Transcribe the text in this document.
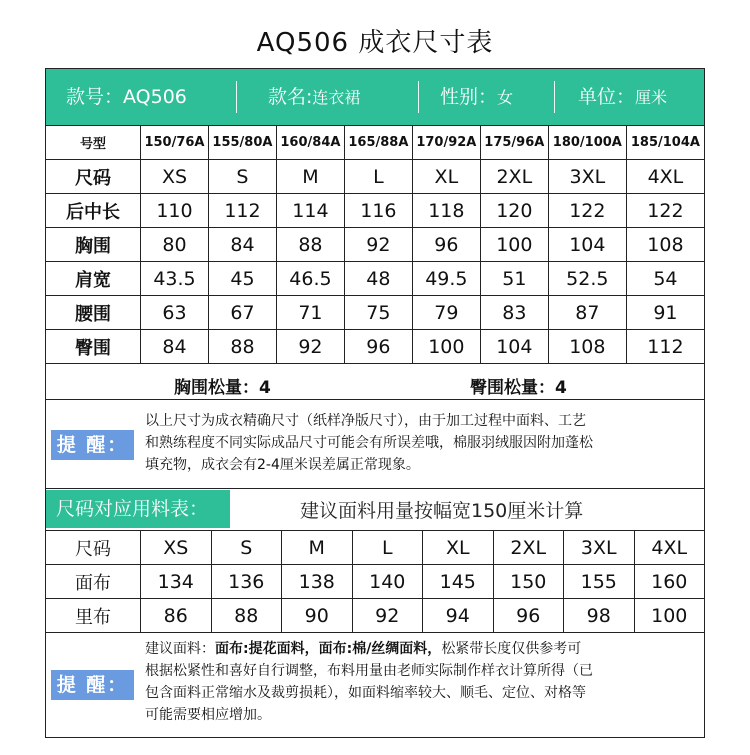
AQ506 成衣尺寸表
款号：AQ506	款名:连衣裙	性别：女	单位：厘米
号型	150/76A	155/80A	160/84A	165/88A	170/92A	175/96A	180/100A	185/104A
尺码	XS	S	M	L	XL	2XL	3XL	4XL
后中长	110	112	114	116	118	120	122	122
胸围	80	84	88	92	96	100	104	108
肩宽	43.5	45	46.5	48	49.5	51	52.5	54
腰围	63	67	71	75	79	83	87	91
臀围	84	88	92	96	100	104	108	112
胸围松量：4	臀围松量：4
提 醒：
以上尺寸为成衣精确尺寸（纸样净版尺寸），由于加工过程中面料、工艺
和熟练程度不同实际成品尺寸可能会有所误差哦，棉服羽绒服因附加蓬松
填充物，成衣会有2-4厘米误差属正常现象。
尺码对应用料表：	建议面料用量按幅宽150厘米计算
尺码	XS	S	M	L	XL	2XL	3XL	4XL
面布	134	136	138	140	145	150	155	160
里布	86	88	90	92	94	96	98	100
提 醒：
建议面料：面布:提花面料，面布:棉/丝绸面料，松紧带长度仅供参考可
根据松紧性和喜好自行调整，布料用量由老师实际制作样衣计算所得（已
包含面料正常缩水及裁剪损耗），如面料缩率较大、顺毛、定位、对格等
可能需要相应增加。
